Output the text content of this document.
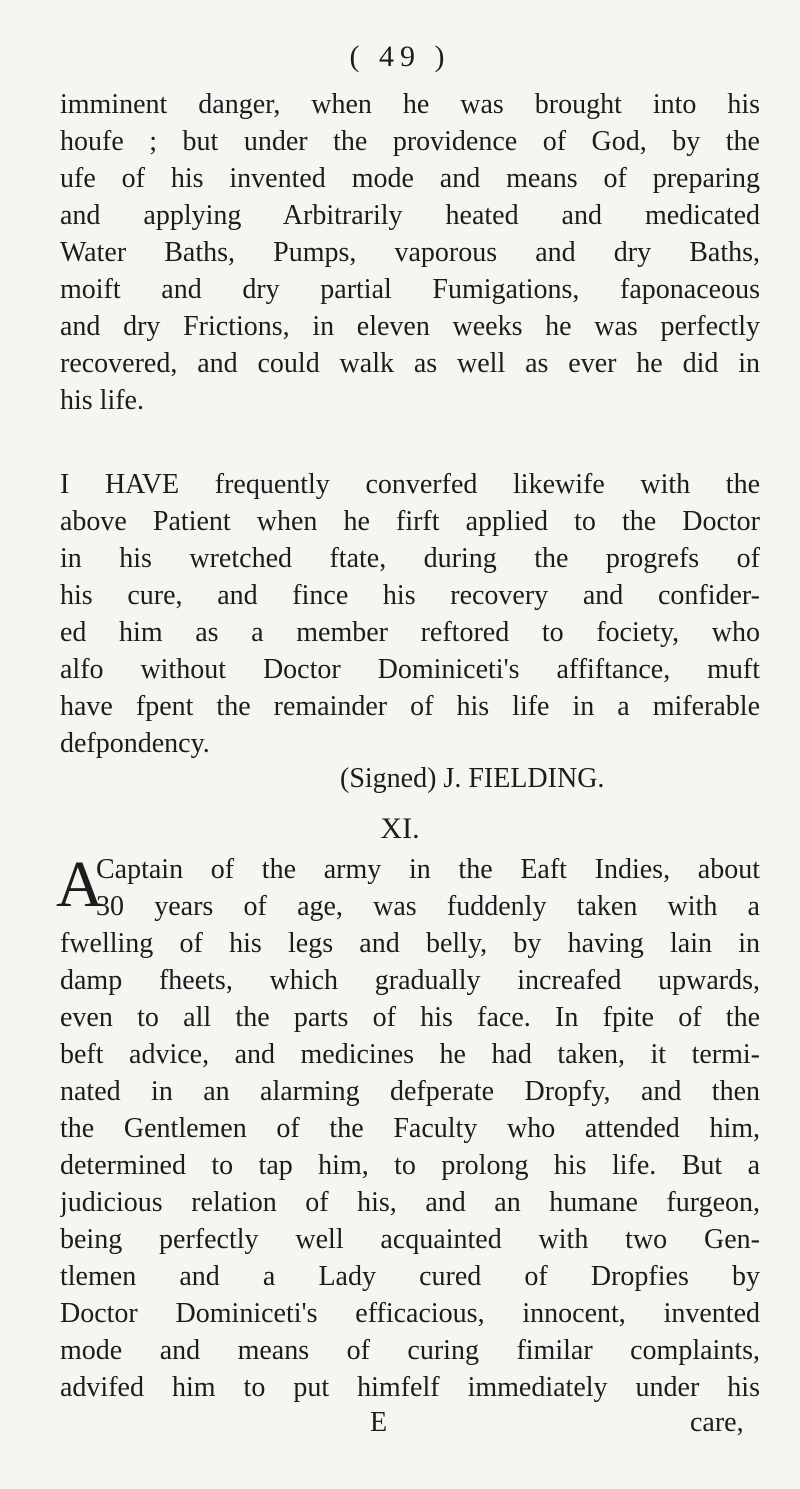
( 49 )
imminent danger, when he was brought into his
houfe ; but under the providence of God, by the
ufe of his invented mode and means of preparing
and applying Arbitrarily heated and medicated
Water Baths, Pumps, vaporous and dry Baths,
moift and dry partial Fumigations, faponaceous
and dry Frictions, in eleven weeks he was perfectly
recovered, and could walk as well as ever he did in
his life.
I HAVE frequently converfed likewife with the
above Patient when he firft applied to the Doctor
in his wretched ftate, during the progrefs of
his cure, and fince his recovery and confider-
ed him as a member reftored to fociety, who
alfo without Doctor Dominiceti's affiftance, muft
have fpent the remainder of his life in a miferable
defpondency.
(Signed) J. FIELDING.
XI.
A
Captain of the army in the Eaft Indies, about
30 years of age, was fuddenly taken with a
fwelling of his legs and belly, by having lain in
damp fheets, which gradually increafed upwards,
even to all the parts of his face. In fpite of the
beft advice, and medicines he had taken, it termi-
nated in an alarming defperate Dropfy, and then
the Gentlemen of the Faculty who attended him,
determined to tap him, to prolong his life. But a
judicious relation of his, and an humane furgeon,
being perfectly well acquainted with two Gen-
tlemen and a Lady cured of Dropfies by
Doctor Dominiceti's efficacious, innocent, invented
mode and means of curing fimilar complaints,
advifed him to put himfelf immediately under his
E	care,
